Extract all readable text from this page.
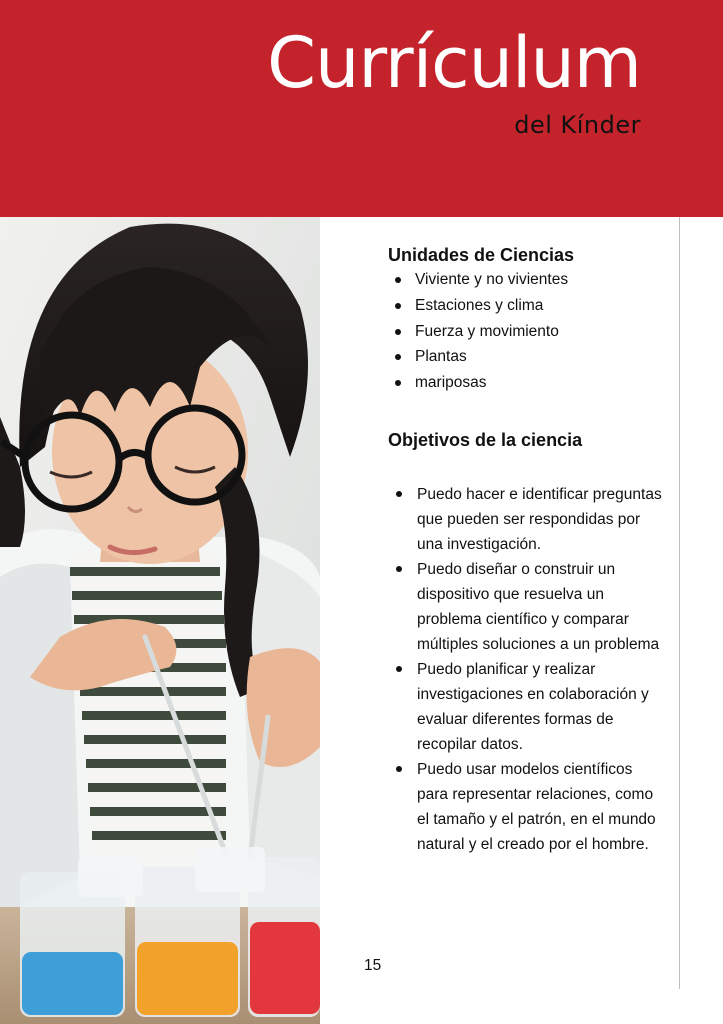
Currículum
del Kínder
Unidades de Ciencias
Viviente y no vivientes
Estaciones y clima
Fuerza y movimiento
Plantas
mariposas
Objetivos de la ciencia
Puedo hacer e identificar preguntas que pueden ser respondidas por una investigación.
Puedo diseñar o construir un dispositivo que resuelva un problema científico y comparar múltiples soluciones a un problema
Puedo planificar y realizar investigaciones en colaboración y evaluar diferentes formas de recopilar datos.
Puedo usar modelos científicos para representar relaciones, como el tamaño y el patrón, en el mundo natural y el creado por el hombre.
15
